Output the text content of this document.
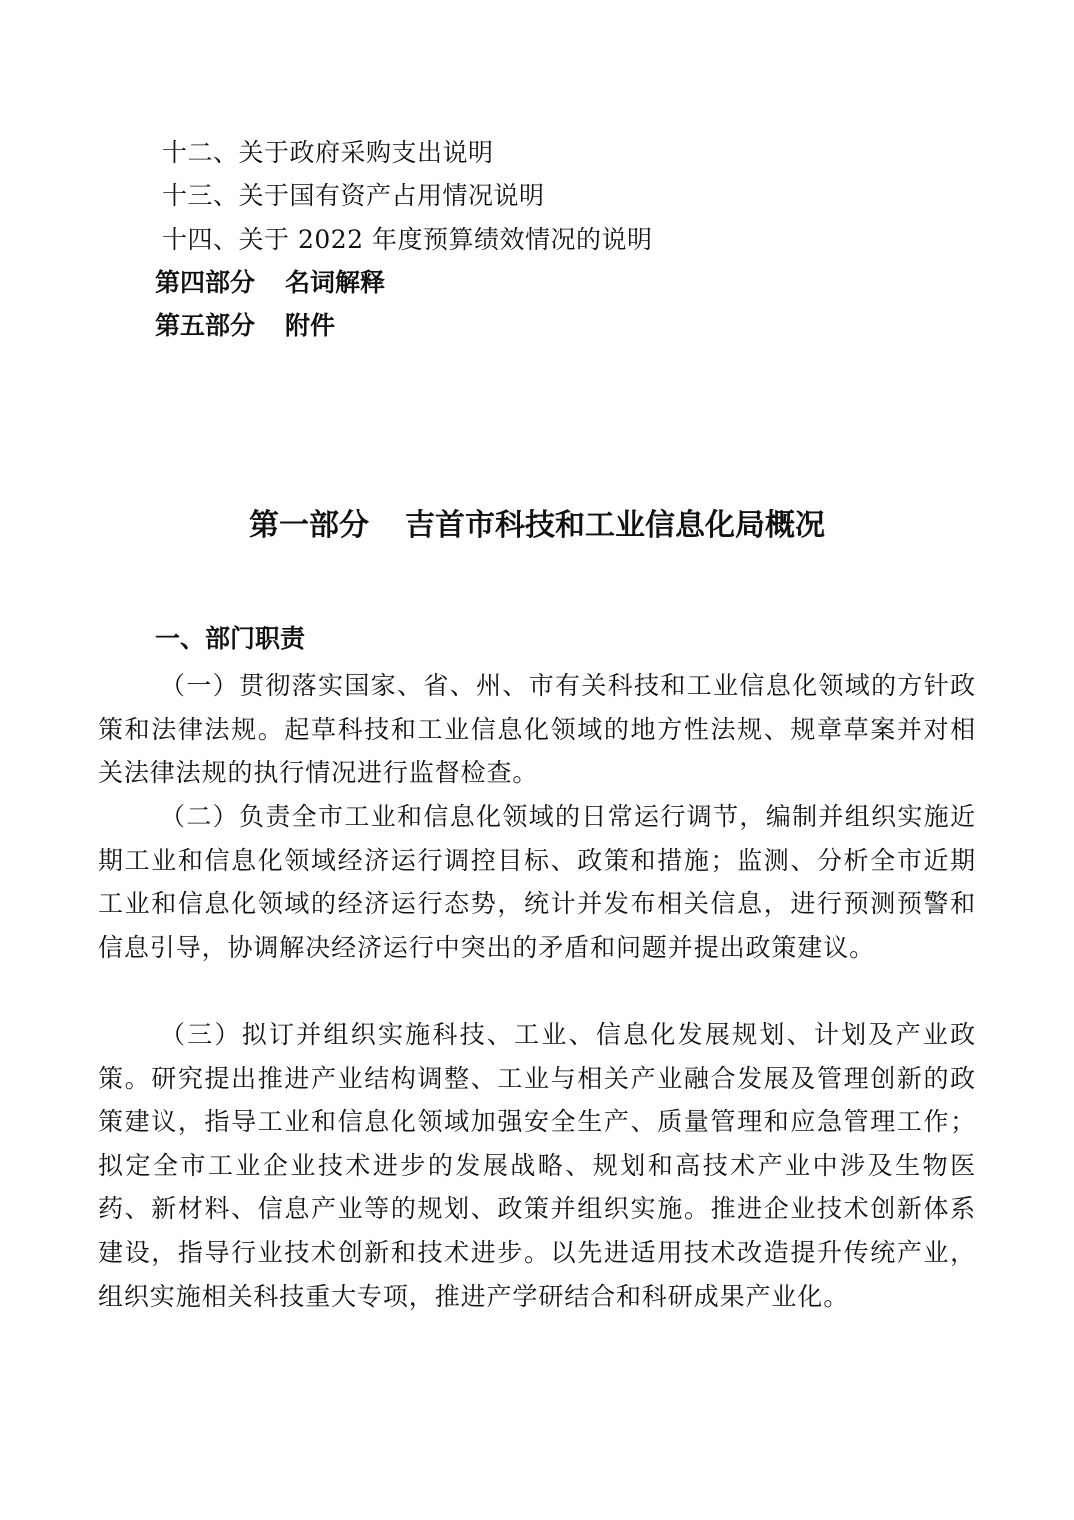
十二、关于政府采购支出说明
十三、关于国有资产占用情况说明
十四、关于 2022 年度预算绩效情况的说明
第四部分 名词解释
第五部分 附件
第一部分 吉首市科技和工业信息化局概况
一、部门职责
（一）贯彻落实国家、省、州、市有关科技和工业信息化领域的方针政策和法律法规。起草科技和工业信息化领域的地方性法规、规章草案并对相关法律法规的执行情况进行监督检查。
（二）负责全市工业和信息化领域的日常运行调节，编制并组织实施近期工业和信息化领域经济运行调控目标、政策和措施；监测、分析全市近期工业和信息化领域的经济运行态势，统计并发布相关信息，进行预测预警和信息引导，协调解决经济运行中突出的矛盾和问题并提出政策建议。
（三）拟订并组织实施科技、工业、信息化发展规划、计划及产业政策。研究提出推进产业结构调整、工业与相关产业融合发展及管理创新的政策建议，指导工业和信息化领域加强安全生产、质量管理和应急管理工作；拟定全市工业企业技术进步的发展战略、规划和高技术产业中涉及生物医药、新材料、信息产业等的规划、政策并组织实施。推进企业技术创新体系建设，指导行业技术创新和技术进步。以先进适用技术改造提升传统产业，组织实施相关科技重大专项，推进产学研结合和科研成果产业化。
